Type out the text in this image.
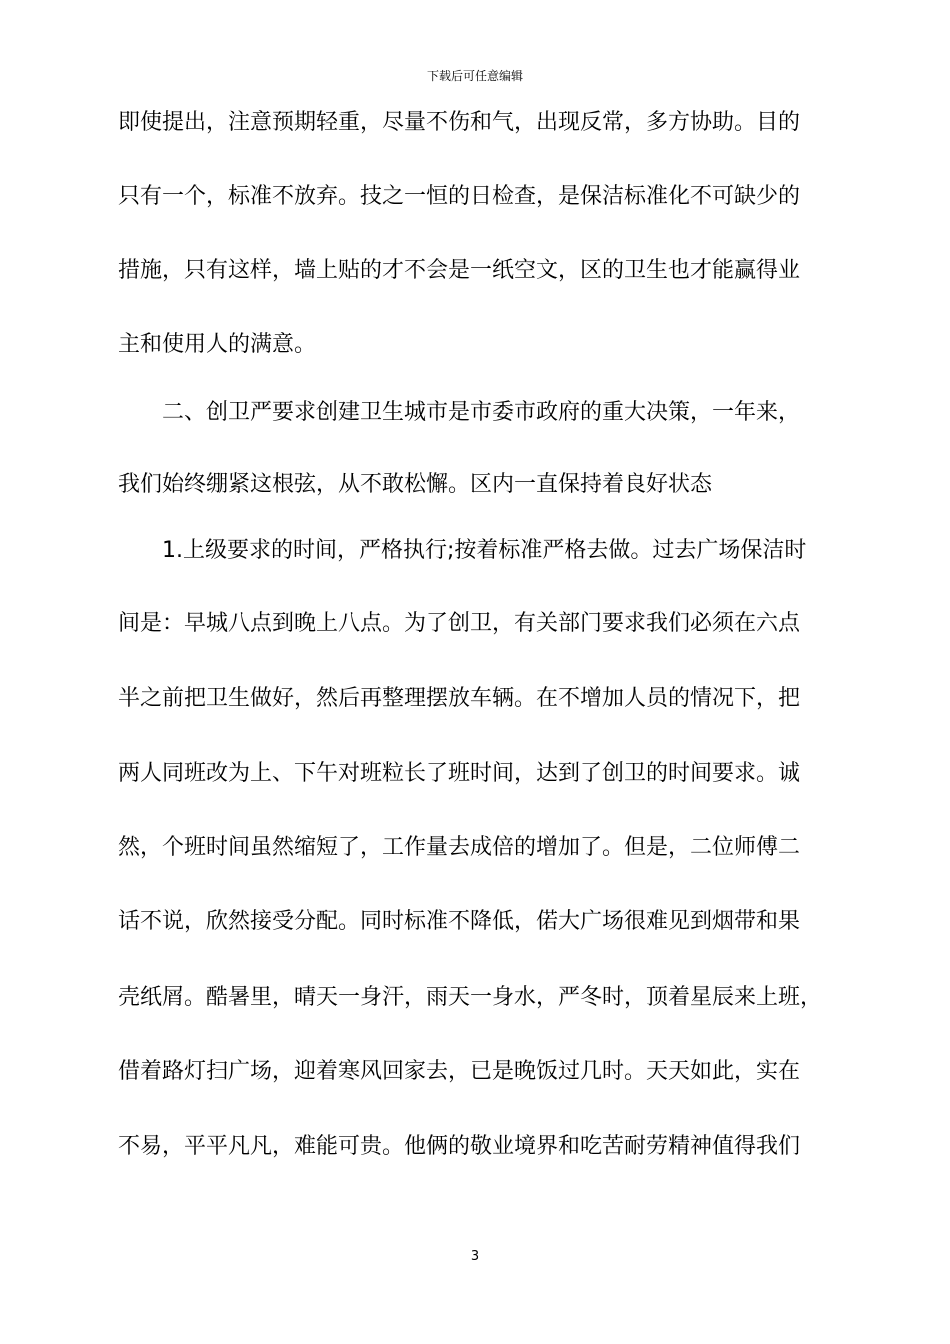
下载后可任意编辑
即使提出，注意预期轻重，尽量不伤和气，出现反常，多方协助。目的
只有一个，标准不放弃。技之一恒的日检查，是保洁标准化不可缺少的
措施，只有这样，墙上贴的才不会是一纸空文，区的卫生也才能赢得业
主和使用人的满意。
二、创卫严要求创建卫生城市是市委市政府的重大决策，一年来，
我们始终绷紧这根弦，从不敢松懈。区内一直保持着良好状态
1.上级要求的时间，严格执行;按着标准严格去做。过去广场保洁时
间是：早城八点到晚上八点。为了创卫，有关部门要求我们必须在六点
半之前把卫生做好，然后再整理摆放车辆。在不增加人员的情况下，把
两人同班改为上、下午对班粒长了班时间，达到了创卫的时间要求。诚
然，个班时间虽然缩短了，工作量去成倍的增加了。但是，二位师傅二
话不说，欣然接受分配。同时标准不降低，偌大广场很难见到烟带和果
壳纸屑。酷暑里，晴天一身汗，雨天一身水，严冬时，顶着星辰来上班，
借着路灯扫广场，迎着寒风回家去，已是晚饭过几时。天天如此，实在
不易，平平凡凡，难能可贵。他俩的敬业境界和吃苦耐劳精神值得我们
3
